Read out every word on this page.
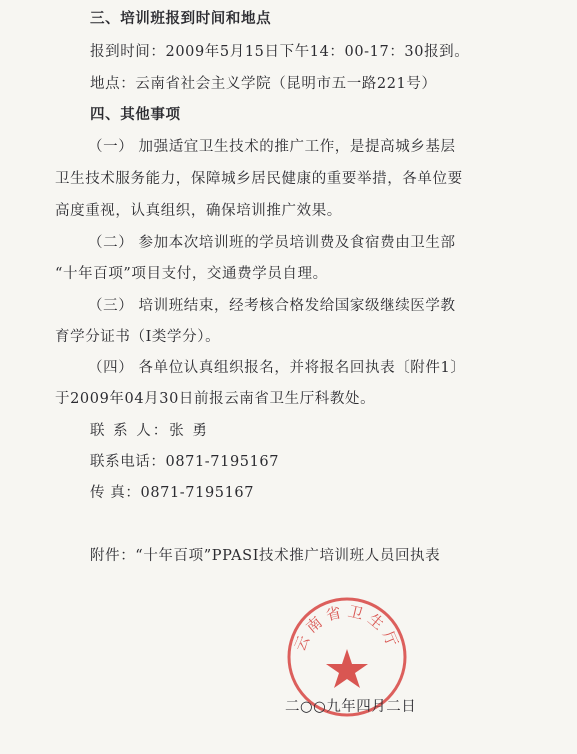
三、培训班报到时间和地点
报到时间：2009年5月15日下午14：00-17：30报到。
地点：云南省社会主义学院（昆明市五一路221号）
四、其他事项
（一） 加强适宜卫生技术的推广工作，是提高城乡基层
卫生技术服务能力，保障城乡居民健康的重要举措，各单位要
高度重视，认真组织，确保培训推广效果。
（二） 参加本次培训班的学员培训费及食宿费由卫生部
“十年百项”项目支付，交通费学员自理。
（三） 培训班结束，经考核合格发给国家级继续医学教
育学分证书（Ⅰ类学分）。
（四） 各单位认真组织报名，并将报名回执表〔附件1〕
于2009年04月30日前报云南省卫生厅科教处。
联 系 人：张 勇
联系电话：0871-7195167
传 真：0871-7195167
附件：“十年百项”PPASI技术推广培训班人员回执表
云南省卫生厅
二○○九年四月二日
